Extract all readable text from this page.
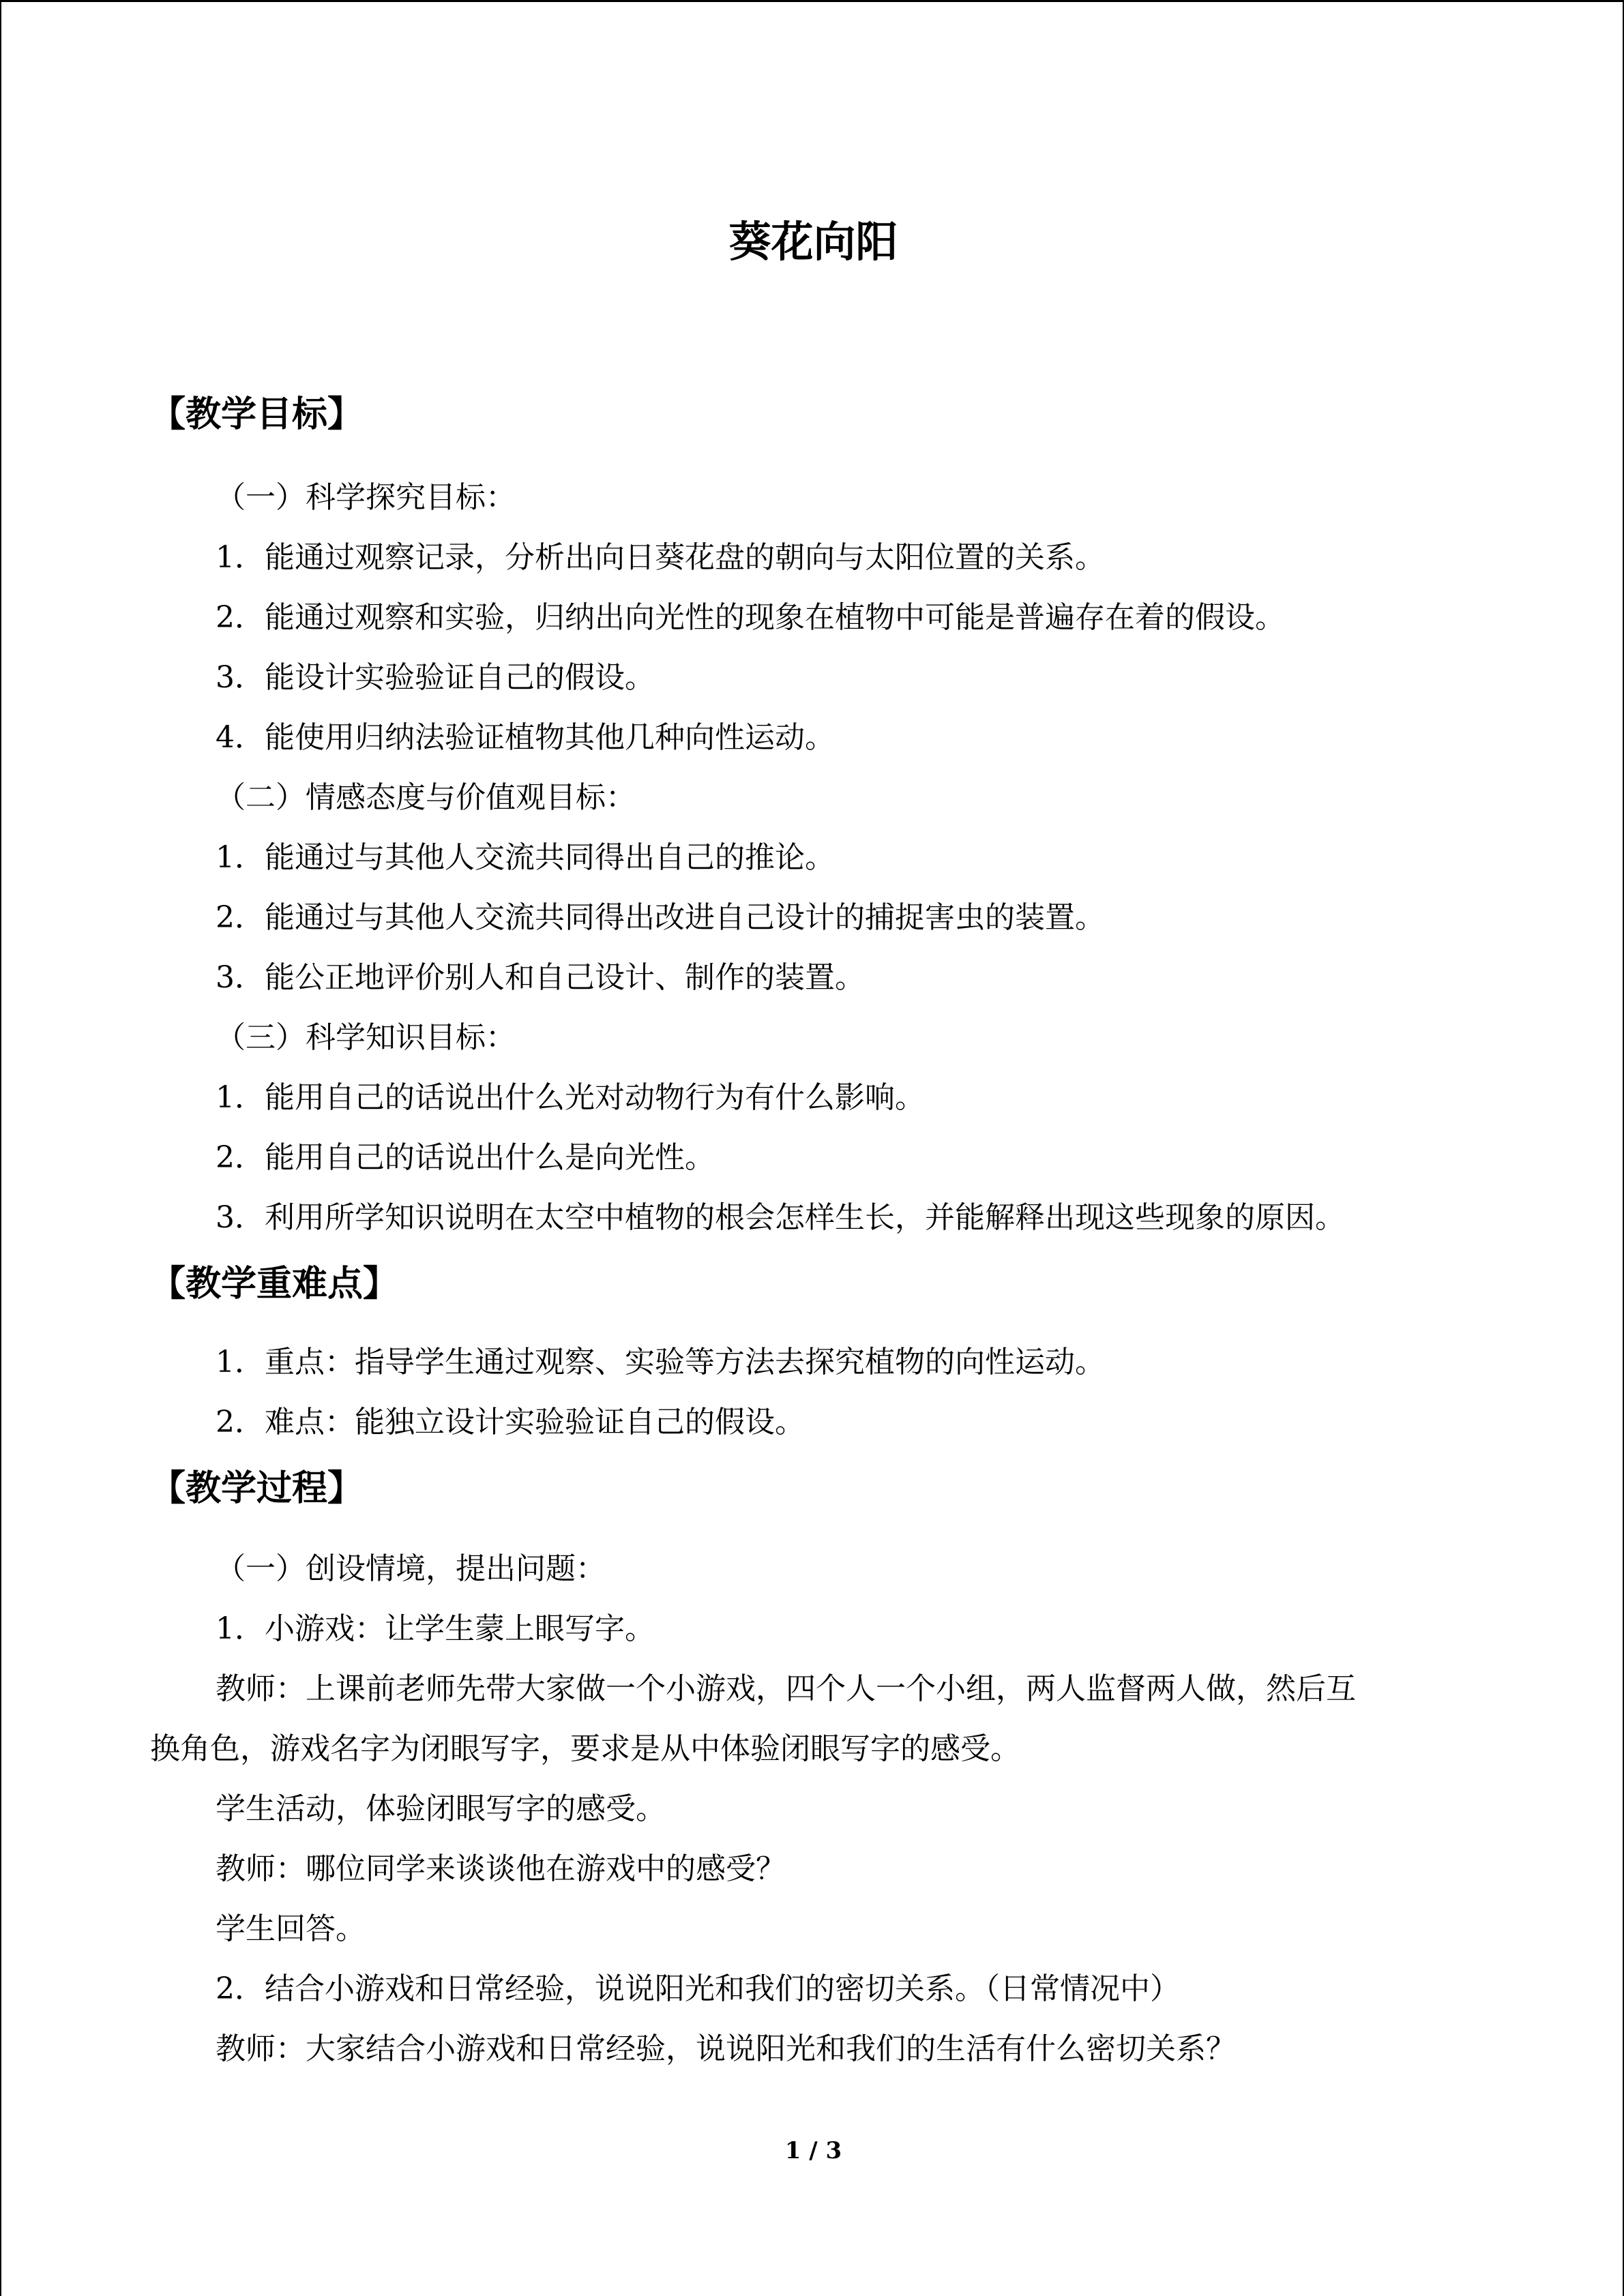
葵花向阳
【教学目标】
（一）科学探究目标：
1．能通过观察记录，分析出向日葵花盘的朝向与太阳位置的关系。
2．能通过观察和实验，归纳出向光性的现象在植物中可能是普遍存在着的假设。
3．能设计实验验证自己的假设。
4．能使用归纳法验证植物其他几种向性运动。
（二）情感态度与价值观目标：
1．能通过与其他人交流共同得出自己的推论。
2．能通过与其他人交流共同得出改进自己设计的捕捉害虫的装置。
3．能公正地评价别人和自己设计、制作的装置。
（三）科学知识目标：
1．能用自己的话说出什么光对动物行为有什么影响。
2．能用自己的话说出什么是向光性。
3．利用所学知识说明在太空中植物的根会怎样生长，并能解释出现这些现象的原因。
【教学重难点】
1．重点：指导学生通过观察、实验等方法去探究植物的向性运动。
2．难点：能独立设计实验验证自己的假设。
【教学过程】
（一）创设情境，提出问题：
1．小游戏：让学生蒙上眼写字。
教师：上课前老师先带大家做一个小游戏，四个人一个小组，两人监督两人做，然后互
换角色，游戏名字为闭眼写字，要求是从中体验闭眼写字的感受。
学生活动，体验闭眼写字的感受。
教师：哪位同学来谈谈他在游戏中的感受？
学生回答。
2．结合小游戏和日常经验，说说阳光和我们的密切关系。（日常情况中）
教师：大家结合小游戏和日常经验，说说阳光和我们的生活有什么密切关系？
1 / 3
